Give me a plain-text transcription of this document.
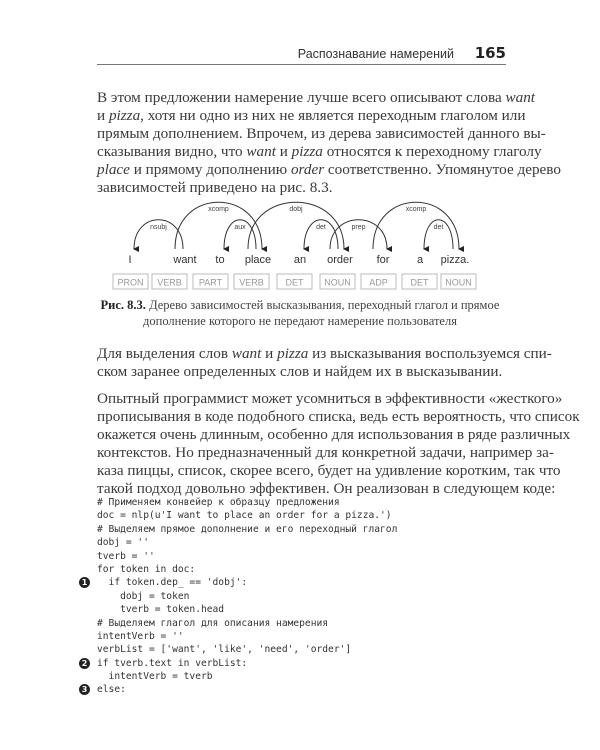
Распознавание намерений 165
В этом предложении намерение лучше всего описывают слова want
и pizza, хотя ни одно из них не является переходным глаголом или
прямым дополнением. Впрочем, из дерева зависимостей данного вы-
сказывания видно, что want и pizza относятся к переходному глаголу
place и прямому дополнению order соответственно. Упомянутое дерево
зависимостей приведено на рис. 8.3.
I
PRON
want
VERB
to
PART
place
VERB
an
DET
order
NOUN
for
ADP
a
DET
pizza.
NOUN
nsubj
xcomp
aux
dobj
det	prep
xcomp
det
Рис. 8.3. Дерево зависимостей высказывания, переходный глагол и прямое
дополнение которого не передают намерение пользователя
Для выделения слов want и pizza из высказывания воспользуемся спи-
ском заранее определенных слов и найдем их в высказывании.
Опытный программист может усомниться в эффективности «жесткого»
прописывания в коде подобного списка, ведь есть вероятность, что список
окажется очень длинным, особенно для использования в ряде различных
контекстов. Но предназначенный для конкретной задачи, например за-
каза пиццы, список, скорее всего, будет на удивление коротким, так что
такой подход довольно эффективен. Он реализован в следующем коде:
# Применяем конвейер к образцу предложения
doc = nlp(u'I want to place an order for a pizza.')
# Выделяем прямое дополнение и его переходный глагол
dobj = ''
tverb = ''
for token in doc:
1 if token.dep_ == 'dobj':
dobj = token
tverb = token.head
# Выделяем глагол для описания намерения
intentVerb = ''
verbList = ['want', 'like', 'need', 'order']
2 if tverb.text in verbList:
intentVerb = tverb
3 else:
